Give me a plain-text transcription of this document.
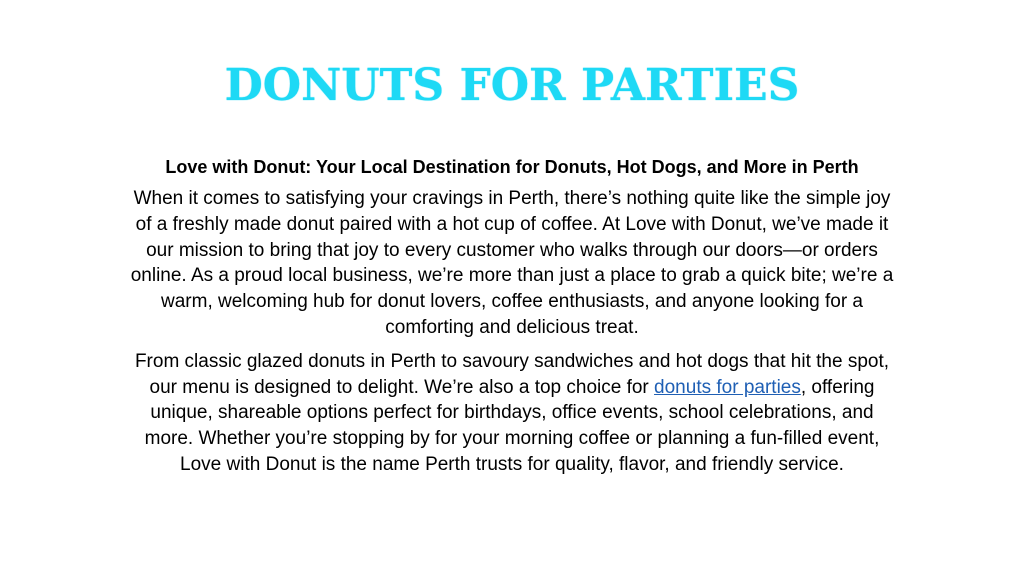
DONUTS FOR PARTIES

Love with Donut: Your Local Destination for Donuts, Hot Dogs, and More in Perth

When it comes to satisfying your cravings in Perth, there’s nothing quite like the simple joy of a freshly made donut paired with a hot cup of coffee. At Love with Donut, we’ve made it our mission to bring that joy to every customer who walks through our doors—or orders online. As a proud local business, we’re more than just a place to grab a quick bite; we’re a warm, welcoming hub for donut lovers, coffee enthusiasts, and anyone looking for a comforting and delicious treat.

From classic glazed donuts in Perth to savoury sandwiches and hot dogs that hit the spot, our menu is designed to delight. We’re also a top choice for donuts for parties, offering unique, shareable options perfect for birthdays, office events, school celebrations, and more. Whether you’re stopping by for your morning coffee or planning a fun-filled event, Love with Donut is the name Perth trusts for quality, flavor, and friendly service.
